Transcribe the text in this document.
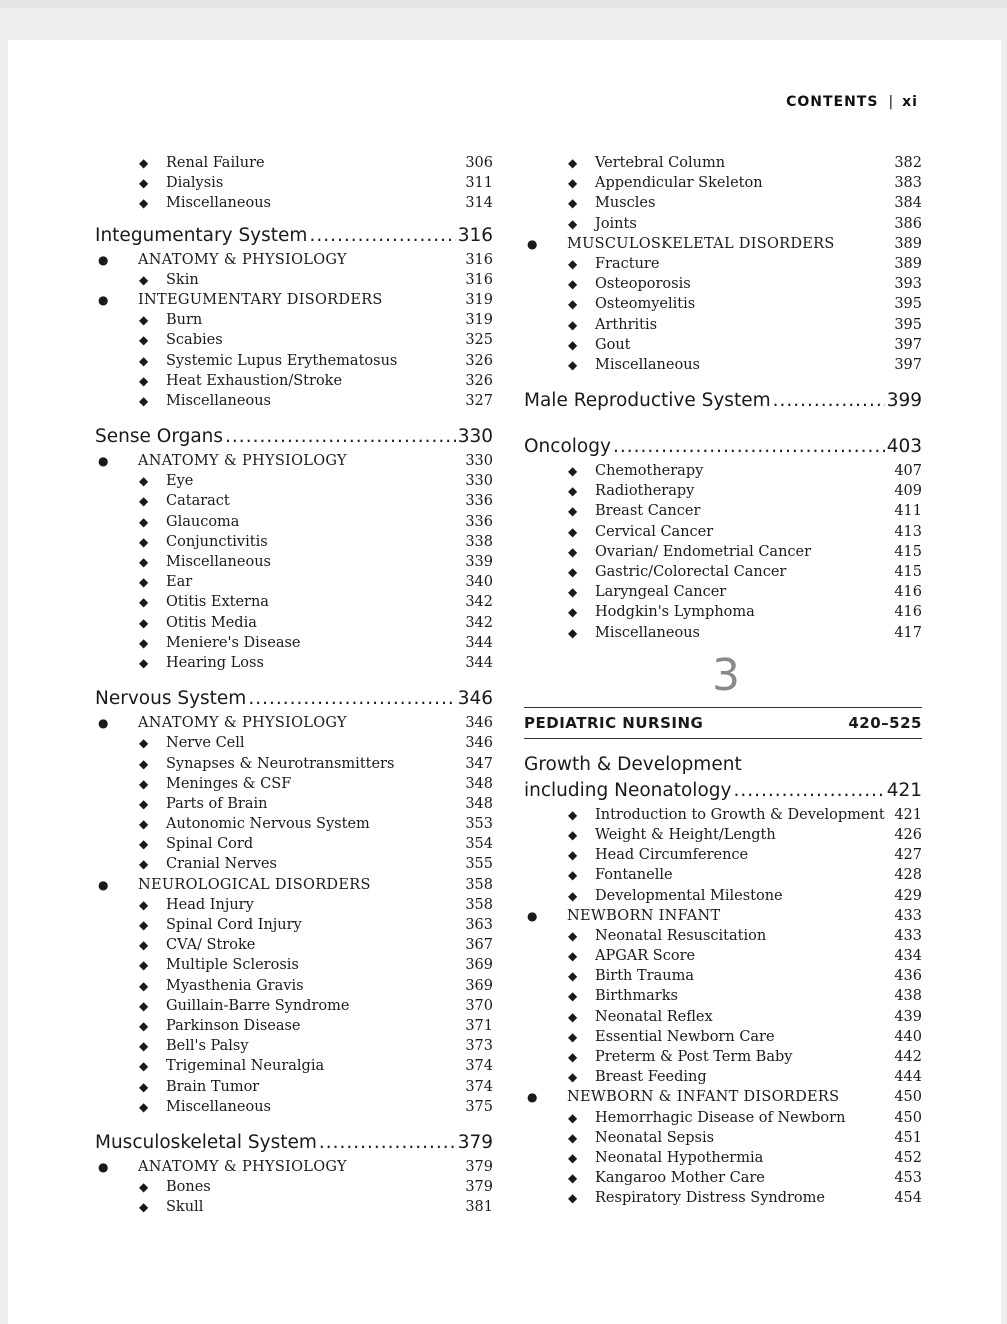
CONTENTS | xi
◆ Renal Failure	306
◆ Dialysis	311
◆ Miscellaneous	314
Integumentary System .....	316
● ANATOMY & PHYSIOLOGY	316
◆ Skin	316
● INTEGUMENTARY DISORDERS	319
◆ Burn	319
◆ Scabies	325
◆ Systemic Lupus Erythematosus	326
◆ Heat Exhaustion/Stroke	326
◆ Miscellaneous	327
Sense Organs .....	330
● ANATOMY & PHYSIOLOGY	330
◆ Eye	330
◆ Cataract	336
◆ Glaucoma	336
◆ Conjunctivitis	338
◆ Miscellaneous	339
◆ Ear	340
◆ Otitis Externa	342
◆ Otitis Media	342
◆ Meniere's Disease	344
◆ Hearing Loss	344
Nervous System .....	346
● ANATOMY & PHYSIOLOGY	346
◆ Nerve Cell	346
◆ Synapses & Neurotransmitters	347
◆ Meninges & CSF	348
◆ Parts of Brain	348
◆ Autonomic Nervous System	353
◆ Spinal Cord	354
◆ Cranial Nerves	355
● NEUROLOGICAL DISORDERS	358
◆ Head Injury	358
◆ Spinal Cord Injury	363
◆ CVA/ Stroke	367
◆ Multiple Sclerosis	369
◆ Myasthenia Gravis	369
◆ Guillain-Barre Syndrome	370
◆ Parkinson Disease	371
◆ Bell's Palsy	373
◆ Trigeminal Neuralgia	374
◆ Brain Tumor	374
◆ Miscellaneous	375
Musculoskeletal System .....	379
● ANATOMY & PHYSIOLOGY	379
◆ Bones	379
◆ Skull	381
◆ Vertebral Column	382
◆ Appendicular Skeleton	383
◆ Muscles	384
◆ Joints	386
● MUSCULOSKELETAL DISORDERS	389
◆ Fracture	389
◆ Osteoporosis	393
◆ Osteomyelitis	395
◆ Arthritis	395
◆ Gout	397
◆ Miscellaneous	397
Male Reproductive System .....	399
Oncology .....	403
◆ Chemotherapy	407
◆ Radiotherapy	409
◆ Breast Cancer	411
◆ Cervical Cancer	413
◆ Ovarian/ Endometrial Cancer	415
◆ Gastric/Colorectal Cancer	415
◆ Laryngeal Cancer	416
◆ Hodgkin's Lymphoma	416
◆ Miscellaneous	417
3
PEDIATRIC NURSING	420–525
Growth & Development
including Neonatology .....	421
◆ Introduction to Growth & Development 421
◆ Weight & Height/Length	426
◆ Head Circumference	427
◆ Fontanelle	428
◆ Developmental Milestone	429
● NEWBORN INFANT	433
◆ Neonatal Resuscitation	433
◆ APGAR Score	434
◆ Birth Trauma	436
◆ Birthmarks	438
◆ Neonatal Reflex	439
◆ Essential Newborn Care	440
◆ Preterm & Post Term Baby	442
◆ Breast Feeding	444
● NEWBORN & INFANT DISORDERS	450
◆ Hemorrhagic Disease of Newborn	450
◆ Neonatal Sepsis	451
◆ Neonatal Hypothermia	452
◆ Kangaroo Mother Care	453
◆ Respiratory Distress Syndrome	454
